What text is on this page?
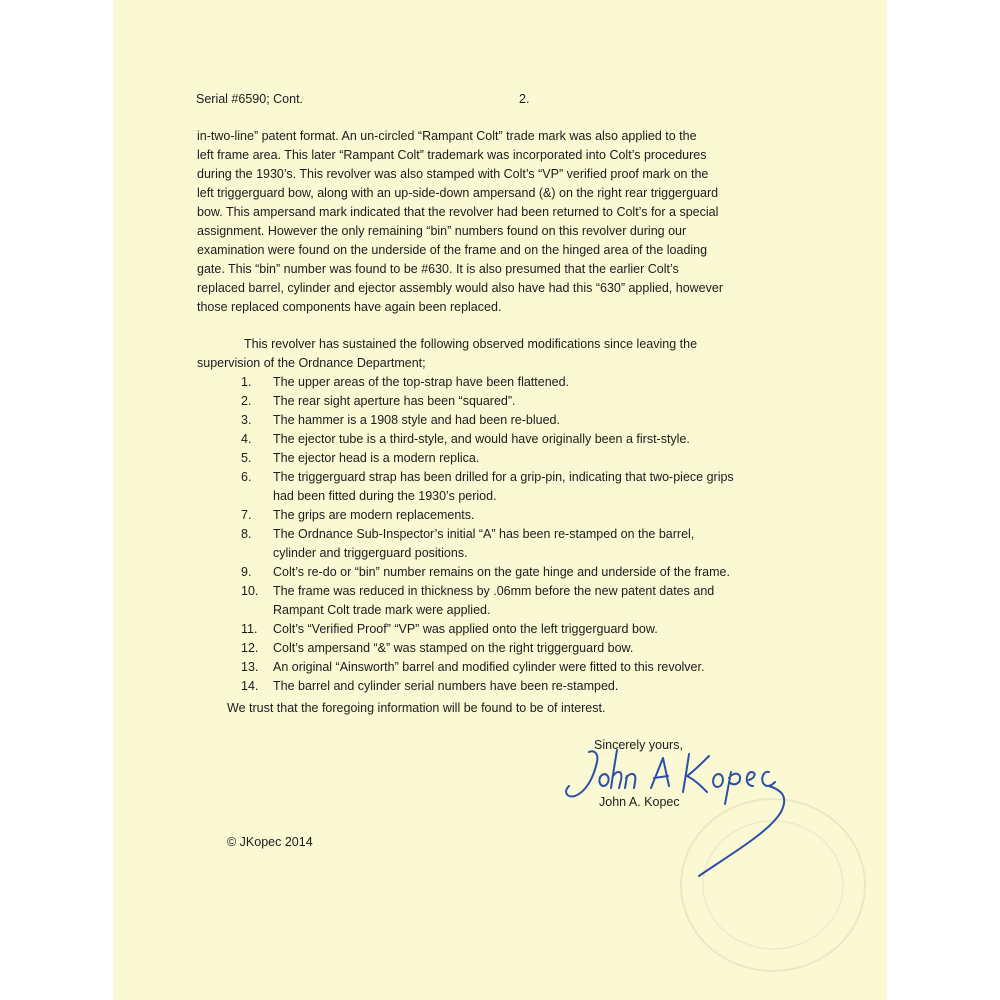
Serial #6590; Cont.	2.

in-two-line” patent format. An un-circled “Rampant Colt” trade mark was also applied to the

left frame area. This later “Rampant Colt” trademark was incorporated into Colt’s procedures

during the 1930’s. This revolver was also stamped with Colt’s “VP” verified proof mark on the

left triggerguard bow, along with an up-side-down ampersand (&) on the right rear triggerguard

bow. This ampersand mark indicated that the revolver had been returned to Colt’s for a special

assignment. However the only remaining “bin” numbers found on this revolver during our

examination were found on the underside of the frame and on the hinged area of the loading

gate. This “bin” number was found to be #630. It is also presumed that the earlier Colt’s

replaced barrel, cylinder and ejector assembly would also have had this “630” applied, however

those replaced components have again been replaced.

This revolver has sustained the following observed modifications since leaving the

supervision of the Ordnance Department;

1. The upper areas of the top-strap have been flattened.
2. The rear sight aperture has been “squared”.
3. The hammer is a 1908 style and had been re-blued.
4. The ejector tube is a third-style, and would have originally been a first-style.
5. The ejector head is a modern replica.
6. The triggerguard strap has been drilled for a grip-pin, indicating that two-piece grips
had been fitted during the 1930’s period.
7. The grips are modern replacements.
8. The Ordnance Sub-Inspector’s initial “A” has been re-stamped on the barrel,
cylinder and triggerguard positions.
9. Colt’s re-do or “bin” number remains on the gate hinge and underside of the frame.
10. The frame was reduced in thickness by .06mm before the new patent dates and
Rampant Colt trade mark were applied.
11. Colt’s “Verified Proof” “VP” was applied onto the left triggerguard bow.
12. Colt’s ampersand “&” was stamped on the right triggerguard bow.
13. An original “Ainsworth” barrel and modified cylinder were fitted to this revolver.
14. The barrel and cylinder serial numbers have been re-stamped.
We trust that the foregoing information will be found to be of interest.
Sincerely yours,
John A. Kopec
© JKopec 2014
